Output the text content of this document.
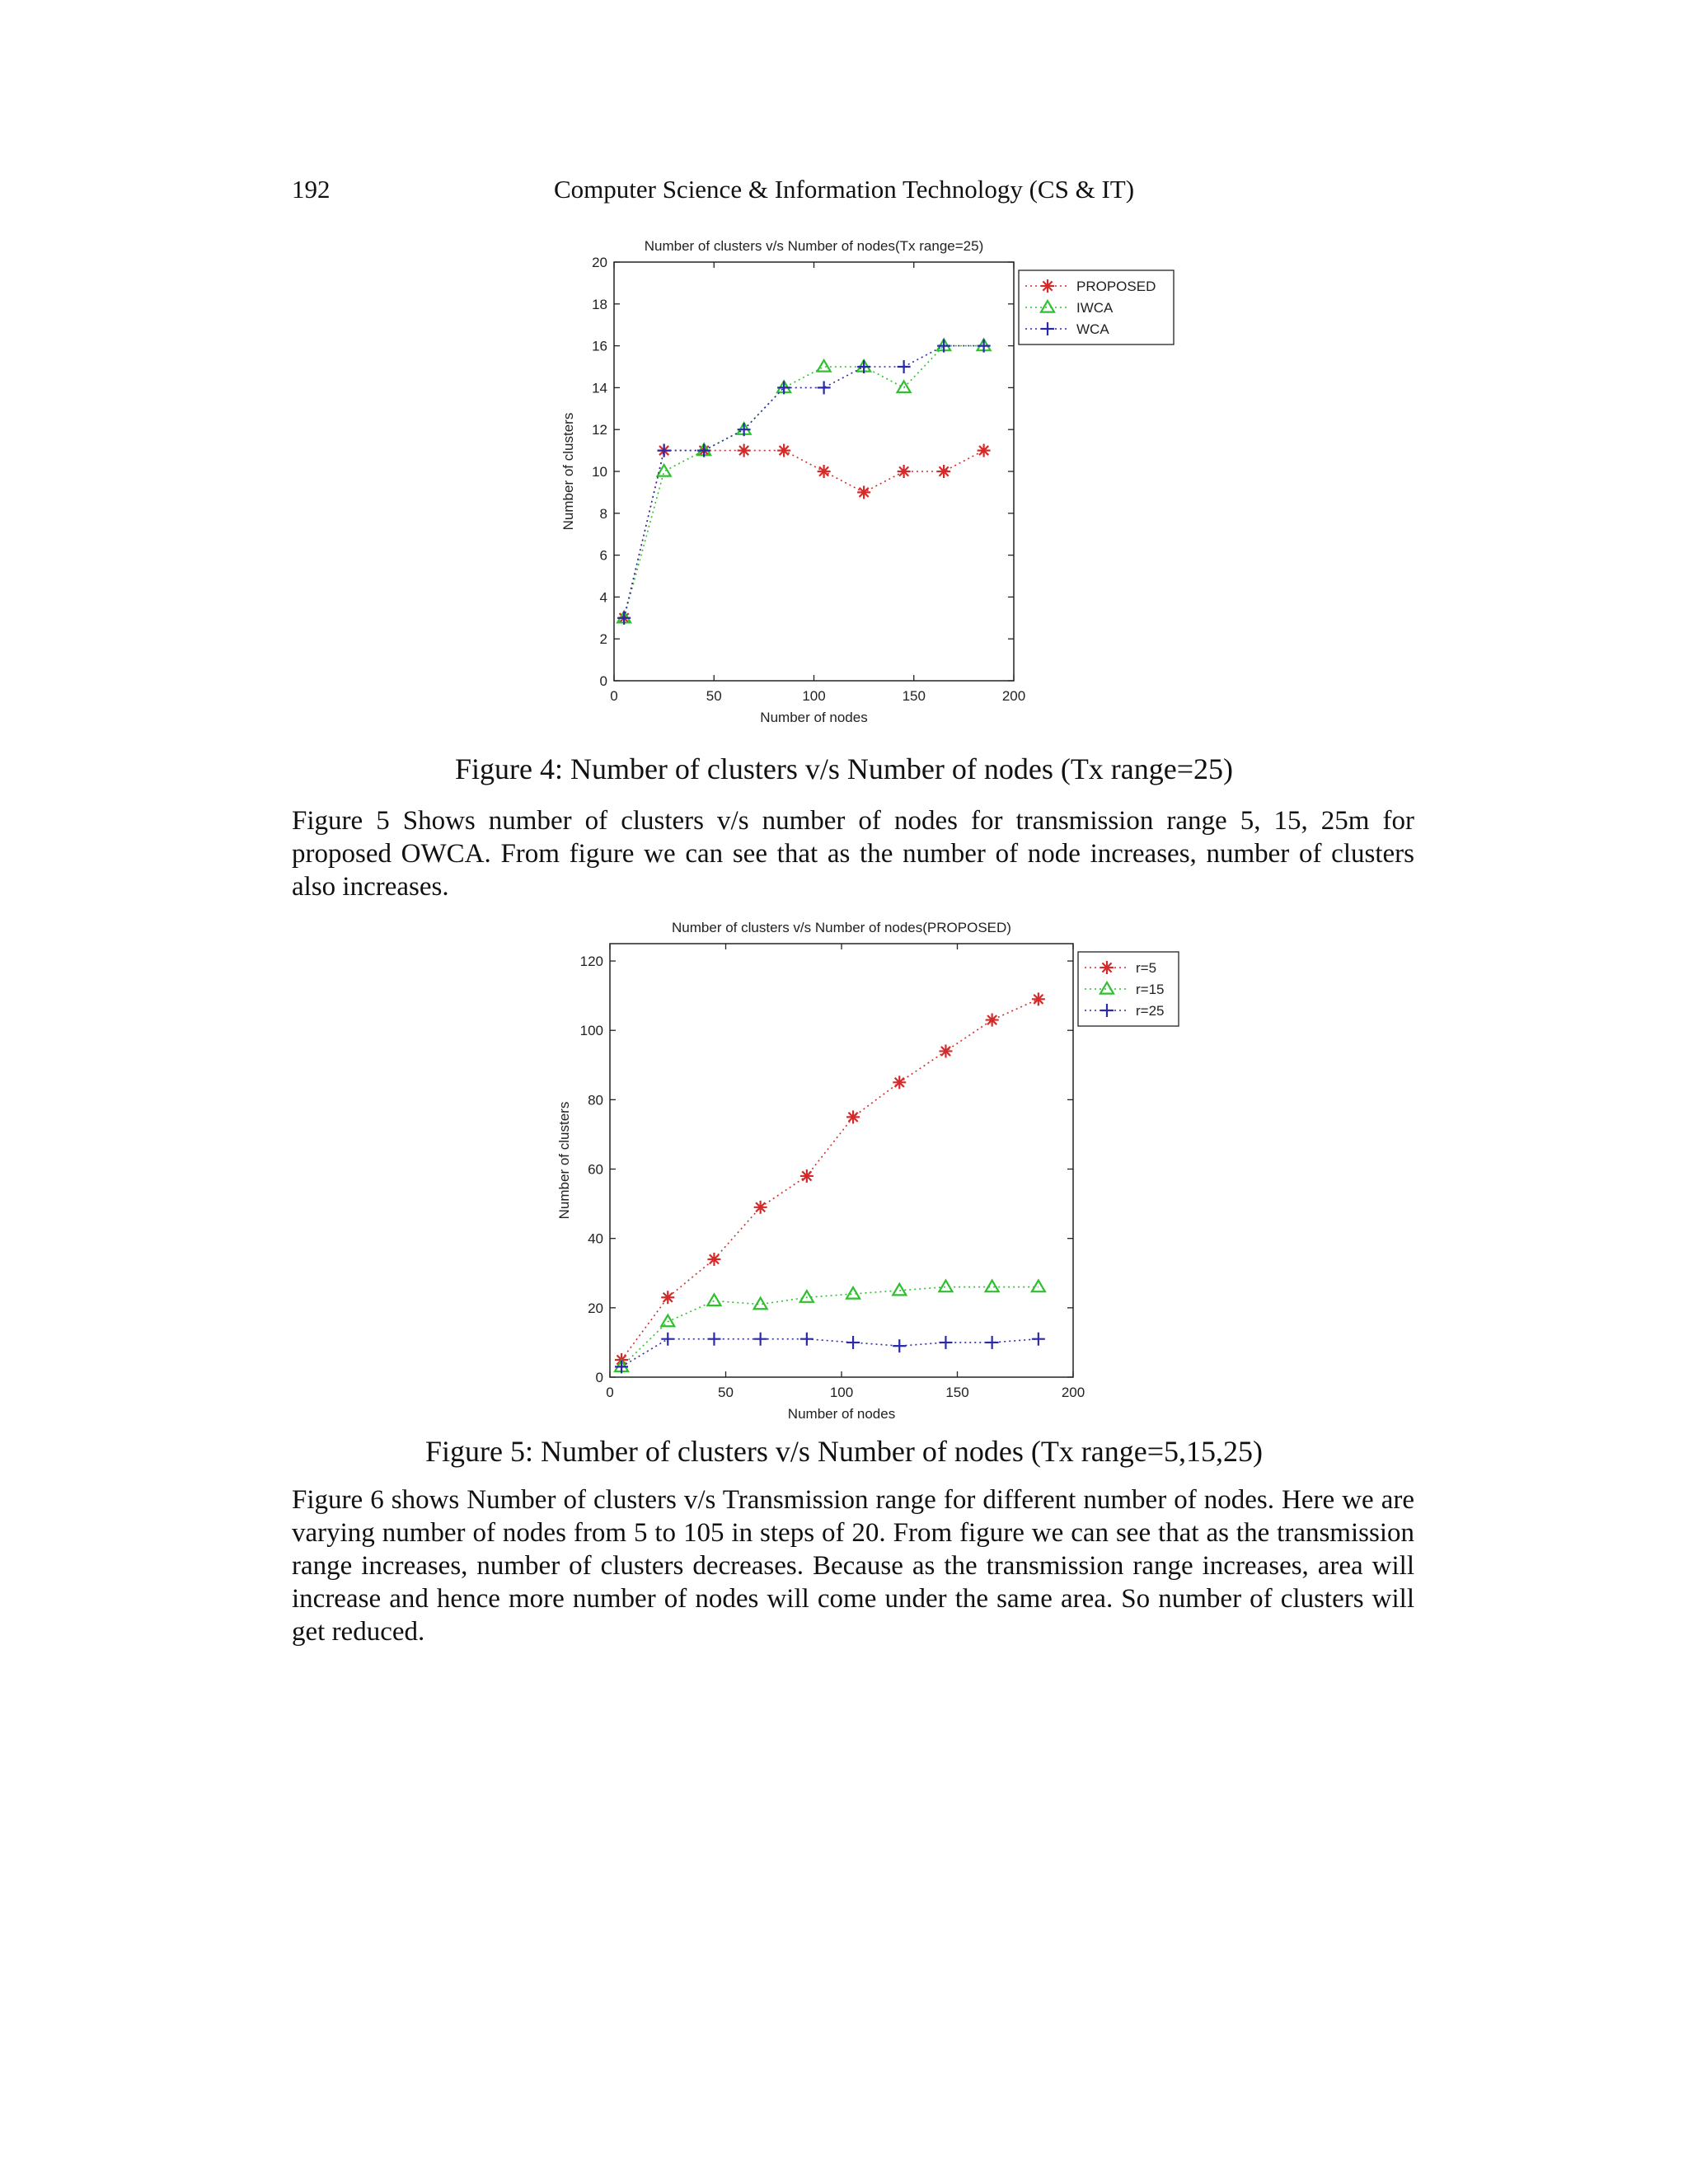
192	Computer Science & Information Technology (CS & IT)
Number of clusters v/s Number of nodes(Tx range=25)
0	50	100	150	200
0
2
4
6
8
10
12
14
16
18
20
Number of nodes
Number of clusters
PROPOSED
IWCA
WCA
Figure 4: Number of clusters v/s Number of nodes (Tx range=25)

Figure 5 Shows number of clusters v/s number of nodes for transmission range 5, 15, 25m for proposed OWCA. From figure we can see that as the number of node increases, number of clusters also increases.

Number of clusters v/s Number of nodes(PROPOSED)
0	50	100	150	200
0
20
40
60
80
100
120
Number of nodes
Number of clusters
r=5
r=15
r=25
Figure 5: Number of clusters v/s Number of nodes (Tx range=5,15,25)

Figure 6 shows Number of clusters v/s Transmission range for different number of nodes. Here we are varying number of nodes from 5 to 105 in steps of 20. From figure we can see that as the transmission range increases, number of clusters decreases. Because as the transmission range increases, area will increase and hence more number of nodes will come under the same area. So number of clusters will get reduced.
